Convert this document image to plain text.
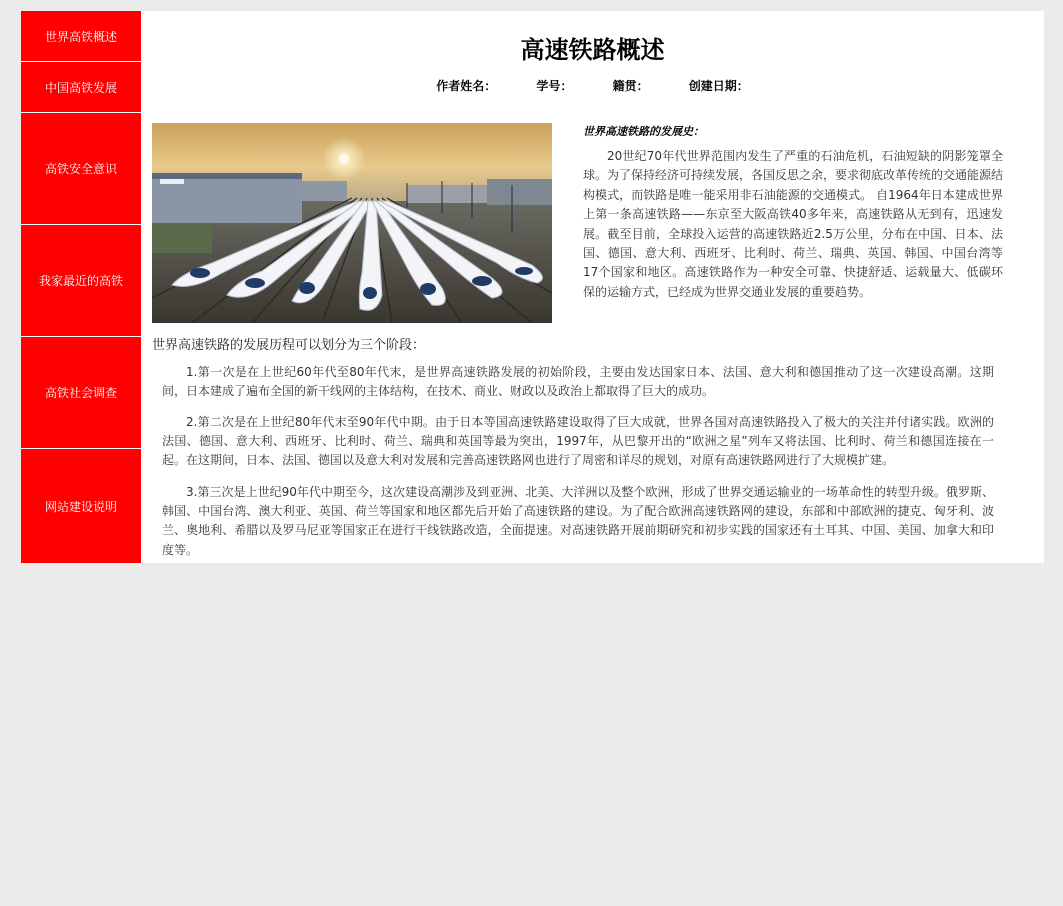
世界高铁概述
中国高铁发展
高铁安全意识
我家最近的高铁
高铁社会调查
网站建设说明
高速铁路概述
作者姓名：	学号：	籍贯：	创建日期：
世界高速铁路的发展史：

20世纪70年代世界范围内发生了严重的石油危机，石油短缺的阴影笼罩全球。为了保持经济可持续发展，各国反思之余，要求彻底改革传统的交通能源结构模式，而铁路是唯一能采用非石油能源的交通模式。 自1964年日本建成世界上第一条高速铁路——东京至大阪高铁40多年来，高速铁路从无到有，迅速发展。截至目前，全球投入运营的高速铁路近2.5万公里，分布在中国、日本、法国、德国、意大利、西班牙、比利时、荷兰、瑞典、英国、韩国、中国台湾等17个国家和地区。高速铁路作为一种安全可靠、快捷舒适、运载量大、低碳环保的运输方式，已经成为世界交通业发展的重要趋势。

世界高速铁路的发展历程可以划分为三个阶段：

1.第一次是在上世纪60年代至80年代末，是世界高速铁路发展的初始阶段，主要由发达国家日本、法国、意大利和德国推动了这一次建设高潮。这期间，日本建成了遍布全国的新干线网的主体结构，在技术、商业、财政以及政治上都取得了巨大的成功。

2.第二次是在上世纪80年代末至90年代中期。由于日本等国高速铁路建设取得了巨大成就，世界各国对高速铁路投入了极大的关注并付诸实践。欧洲的法国、德国、意大利、西班牙、比利时、荷兰、瑞典和英国等最为突出，1997年，从巴黎开出的“欧洲之星”列车又将法国、比利时、荷兰和德国连接在一起。在这期间，日本、法国、德国以及意大利对发展和完善高速铁路网也进行了周密和详尽的规划，对原有高速铁路网进行了大规模扩建。

3.第三次是上世纪90年代中期至今，这次建设高潮涉及到亚洲、北美、大洋洲以及整个欧洲，形成了世界交通运输业的一场革命性的转型升级。俄罗斯、韩国、中国台湾、澳大利亚、英国、荷兰等国家和地区都先后开始了高速铁路的建设。为了配合欧洲高速铁路网的建设，东部和中部欧洲的捷克、匈牙利、波兰、奥地利、希腊以及罗马尼亚等国家正在进行干线铁路改造，全面提速。对高速铁路开展前期研究和初步实践的国家还有土耳其、中国、美国、加拿大和印度等。
